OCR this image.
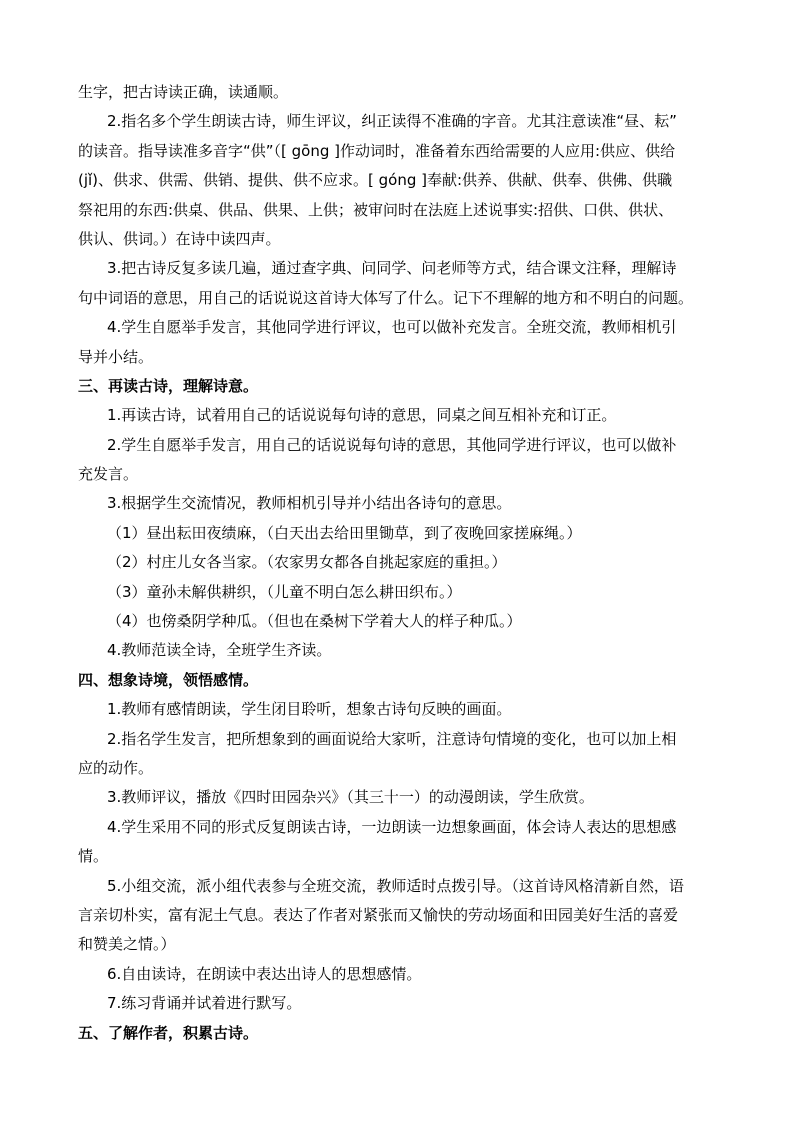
生字，把古诗读正确，读通顺。
2.指名多个学生朗读古诗，师生评议，纠正读得不准确的字音。尤其注意读准“昼、耘”
的读音。指导读准多音字“供”（[ gōng ]作动词时，准备着东西给需要的人应用:供应、供给
(jǐ)、供求、供需、供销、提供、供不应求。[ góng ]奉献:供养、供献、供奉、供佛、供職
祭祀用的东西:供桌、供品、供果、上供；被审问时在法庭上述说事实:招供、口供、供状、
供认、供词。）在诗中读四声。
3.把古诗反复多读几遍，通过查字典、问同学、问老师等方式，结合课文注释，理解诗
句中词语的意思，用自己的话说说这首诗大体写了什么。记下不理解的地方和不明白的问题。
4.学生自愿举手发言，其他同学进行评议，也可以做补充发言。全班交流，教师相机引
导并小结。
三、再读古诗，理解诗意。
1.再读古诗，试着用自己的话说说每句诗的意思，同桌之间互相补充和订正。
2.学生自愿举手发言，用自己的话说说每句诗的意思，其他同学进行评议，也可以做补
充发言。
3.根据学生交流情况，教师相机引导并小结出各诗句的意思。
（1）昼出耘田夜绩麻，（白天出去给田里锄草，到了夜晚回家搓麻绳。）
（2）村庄儿女各当家。（农家男女都各自挑起家庭的重担。）
（3）童孙未解供耕织，（儿童不明白怎么耕田织布。）
（4）也傍桑阴学种瓜。（但也在桑树下学着大人的样子种瓜。）
4.教师范读全诗，全班学生齐读。
四、想象诗境，领悟感情。
1.教师有感情朗读，学生闭目聆听，想象古诗句反映的画面。
2.指名学生发言，把所想象到的画面说给大家听，注意诗句情境的变化，也可以加上相
应的动作。
3.教师评议，播放《四时田园杂兴》（其三十一）的动漫朗读，学生欣赏。
4.学生采用不同的形式反复朗读古诗，一边朗读一边想象画面，体会诗人表达的思想感
情。
5.小组交流，派小组代表参与全班交流，教师适时点拨引导。（这首诗风格清新自然，语
言亲切朴实，富有泥土气息。表达了作者对紧张而又愉快的劳动场面和田园美好生活的喜爱
和赞美之情。）
6.自由读诗，在朗读中表达出诗人的思想感情。
7.练习背诵并试着进行默写。
五、了解作者，积累古诗。
